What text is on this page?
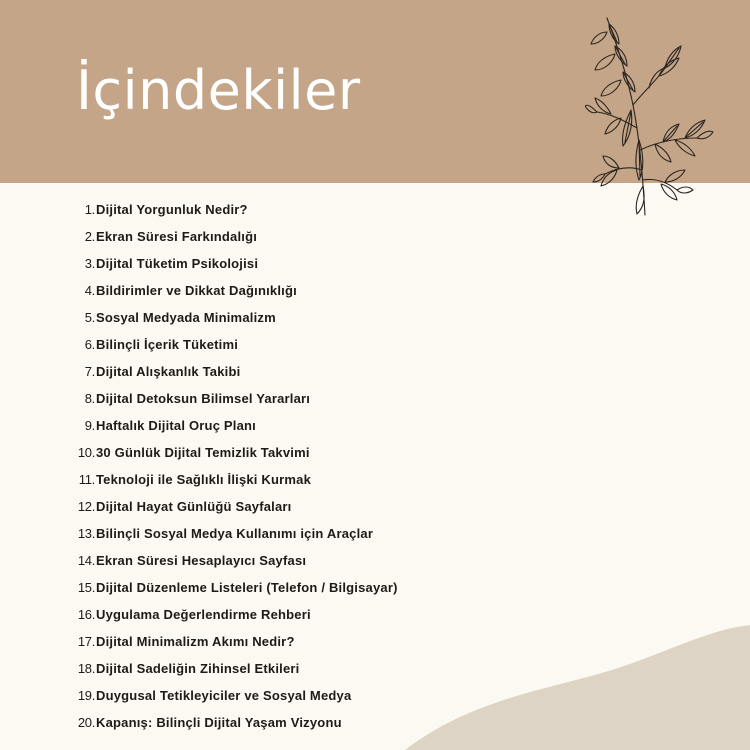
İçindekiler
1. Dijital Yorgunluk Nedir?
2. Ekran Süresi Farkındalığı
3. Dijital Tüketim Psikolojisi
4. Bildirimler ve Dikkat Dağınıklığı
5. Sosyal Medyada Minimalizm
6. Bilinçli İçerik Tüketimi
7. Dijital Alışkanlık Takibi
8. Dijital Detoksun Bilimsel Yararları
9. Haftalık Dijital Oruç Planı
10. 30 Günlük Dijital Temizlik Takvimi
11. Teknoloji ile Sağlıklı İlişki Kurmak
12. Dijital Hayat Günlüğü Sayfaları
13. Bilinçli Sosyal Medya Kullanımı için Araçlar
14. Ekran Süresi Hesaplayıcı Sayfası
15. Dijital Düzenleme Listeleri (Telefon / Bilgisayar)
16. Uygulama Değerlendirme Rehberi
17. Dijital Minimalizm Akımı Nedir?
18. Dijital Sadeliğin Zihinsel Etkileri
19. Duygusal Tetikleyiciler ve Sosyal Medya
20. Kapanış: Bilinçli Dijital Yaşam Vizyonu
